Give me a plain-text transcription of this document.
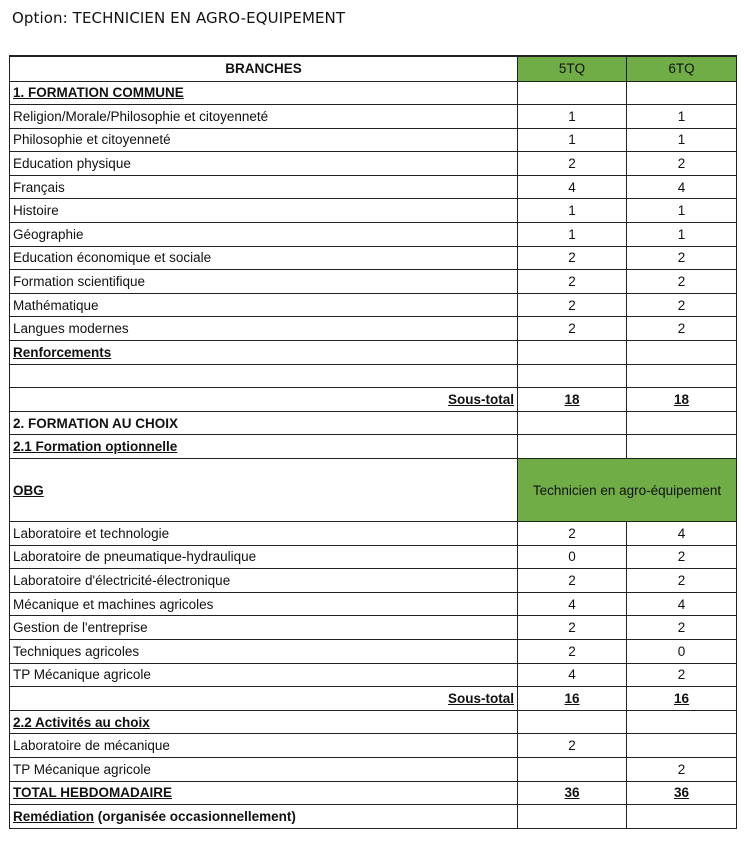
Option: TECHNICIEN EN AGRO-EQUIPEMENT
BRANCHES	5TQ	6TQ
1. FORMATION COMMUNE		
Religion/Morale/Philosophie et citoyenneté	1	1
Philosophie et citoyenneté	1	1
Education physique	2	2
Français	4	4
Histoire	1	1
Géographie	1	1
Education économique et sociale	2	2
Formation scientifique	2	2
Mathématique	2	2
Langues modernes	2	2
Renforcements		

Sous-total	18	18
2. FORMATION AU CHOIX		
2.1 Formation optionnelle		
OBG	Technicien en agro-équipement	
Laboratoire et technologie	2	4
Laboratoire de pneumatique-hydraulique	0	2
Laboratoire d'électricité-électronique	2	2
Mécanique et machines agricoles	4	4
Gestion de l'entreprise	2	2
Techniques agricoles	2	0
TP Mécanique agricole	4	2
Sous-total	16	16
2.2 Activités au choix		
Laboratoire de mécanique	2	
TP Mécanique agricole		2
TOTAL HEBDOMADAIRE	36	36
Remédiation (organisée occasionnellement)		
